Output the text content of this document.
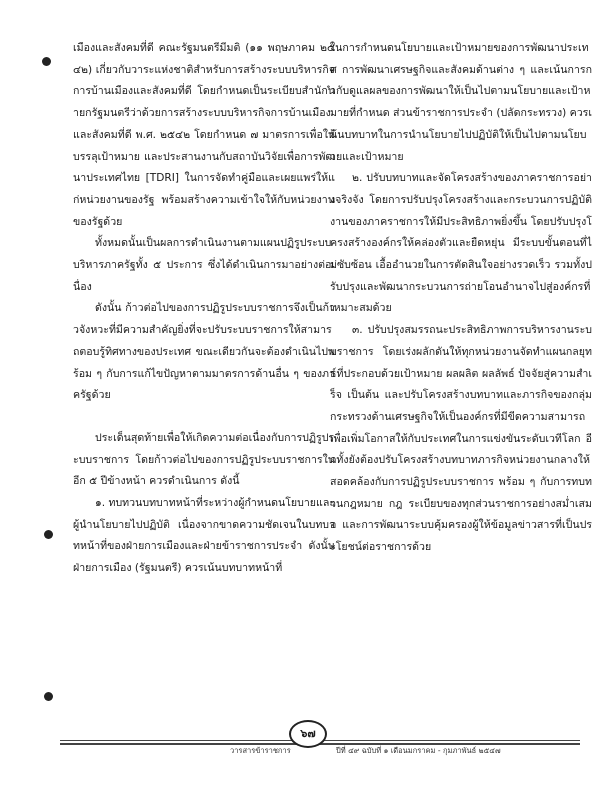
เมืองและสังคมที่ดี คณะรัฐมนตรีมีมติ (๑๑ พฤษภาคม ๒๕๔๒) เกี่ยวกับวาระแห่งชาติสำหรับการสร้างระบบบริหารกิจการบ้านเมืองและสังคมที่ดี โดยกำหนดเป็นระเบียบสำนักนายกรัฐมนตรีว่าด้วยการสร้างระบบบริหารกิจการบ้านเมืองและสังคมที่ดี พ.ศ. ๒๕๔๒ โดยกำหนด ๗ มาตรการเพื่อให้บรรลุเป้าหมาย และประสานงานกับสถาบันวิจัยเพื่อการพัฒนาประเทศไทย [TDRI] ในการจัดทำคู่มือและเผยแพร่ให้แก่หน่วยงานของรัฐ พร้อมสร้างความเข้าใจให้กับหน่วยงานของรัฐด้วย

ทั้งหมดนั้นเป็นผลการดำเนินงานตามแผนปฏิรูประบบบริหารภาครัฐทั้ง ๕ ประการ ซึ่งได้ดำเนินการมาอย่างต่อเนื่อง

ดังนั้น ก้าวต่อไปของการปฏิรูประบบราชการจึงเป็นก้าวจังหวะที่มีความสำคัญยิ่งที่จะปรับระบบราชการให้สามารถตอบรู้ทิศทางของประเทศ ขณะเดียวกันจะต้องดำเนินไปพร้อม ๆ กับการแก้ไขปัญหาตามมาตรการด้านอื่น ๆ ของภาครัฐด้วย

ประเด็นสุดท้ายเพื่อให้เกิดความต่อเนื่องกับการปฏิรูประบบราชการ โดยก้าวต่อไปของการปฏิรูประบบราชการในอีก ๕ ปีข้างหน้า ควรดำเนินการ ดังนี้

๑. ทบทวนบทบาทหน้าที่ระหว่างผู้กำหนดนโยบายและผู้นำนโยบายไปปฏิบัติ เนื่องจากขาดความชัดเจนในบทบาทหน้าที่ของฝ่ายการเมืองและฝ่ายข้าราชการประจำ ดังนั้น ฝ่ายการเมือง (รัฐมนตรี) ควรเน้นบทบาทหน้าที่

ในการกำหนดนโยบายและเป้าหมายของการพัฒนาประเทศ การพัฒนาเศรษฐกิจและสังคมด้านต่าง ๆ และเน้นการกำกับดูแลผลของการพัฒนาให้เป็นไปตามนโยบายและเป้าหมายที่กำหนด ส่วนข้าราชการประจำ (ปลัดกระทรวง) ควรเน้นบทบาทในการนำนโยบายไปปฏิบัติให้เป็นไปตามนโยบายและเป้าหมาย

๒. ปรับบทบาทและจัดโครงสร้างของภาคราชการอย่างจริงจัง โดยการปรับปรุงโครงสร้างและกระบวนการปฏิบัติงานของภาคราชการให้มีประสิทธิภาพยิ่งขึ้น โดยปรับปรุงโครงสร้างองค์กรให้คล่องตัวและยืดหยุ่น มีระบบขั้นตอนที่ไม่ซับซ้อน เอื้ออำนวยในการตัดสินใจอย่างรวดเร็ว รวมทั้งปรับปรุงและพัฒนากระบวนการถ่ายโอนอำนาจไปสู่องค์กรที่เหมาะสมด้วย

๓. ปรับปรุงสมรรถนะประสิทธิภาพการบริหารงานระบบราชการ โดยเร่งผลักดันให้ทุกหน่วยงานจัดทำแผนกลยุทธ์ที่ประกอบด้วยเป้าหมาย ผลผลิต ผลลัพธ์ ปัจจัยสู่ความสำเร็จ เป็นต้น และปรับโครงสร้างบทบาทและภารกิจของกลุ่มกระทรวงด้านเศรษฐกิจให้เป็นองค์กรที่มีขีดความสามารถ เพื่อเพิ่มโอกาสให้กับประเทศในการแข่งขันระดับเวทีโลก อีกทั้งยังต้องปรับโครงสร้างบทบาทภารกิจหน่วยงานกลางให้สอดคล้องกับการปฏิรูประบบราชการ พร้อม ๆ กับการทบทวนกฎหมาย กฎ ระเบียบของทุกส่วนราชการอย่างสม่ำเสมอ และการพัฒนาระบบคุ้มครองผู้ให้ข้อมูลข่าวสารที่เป็นประโยชน์ต่อราชการด้วย

๖๗
วารสารข้าราชการ	ปีที่ ๔๙ ฉบับที่ ๑ เดือนมกราคม - กุมภาพันธ์ ๒๕๔๗
